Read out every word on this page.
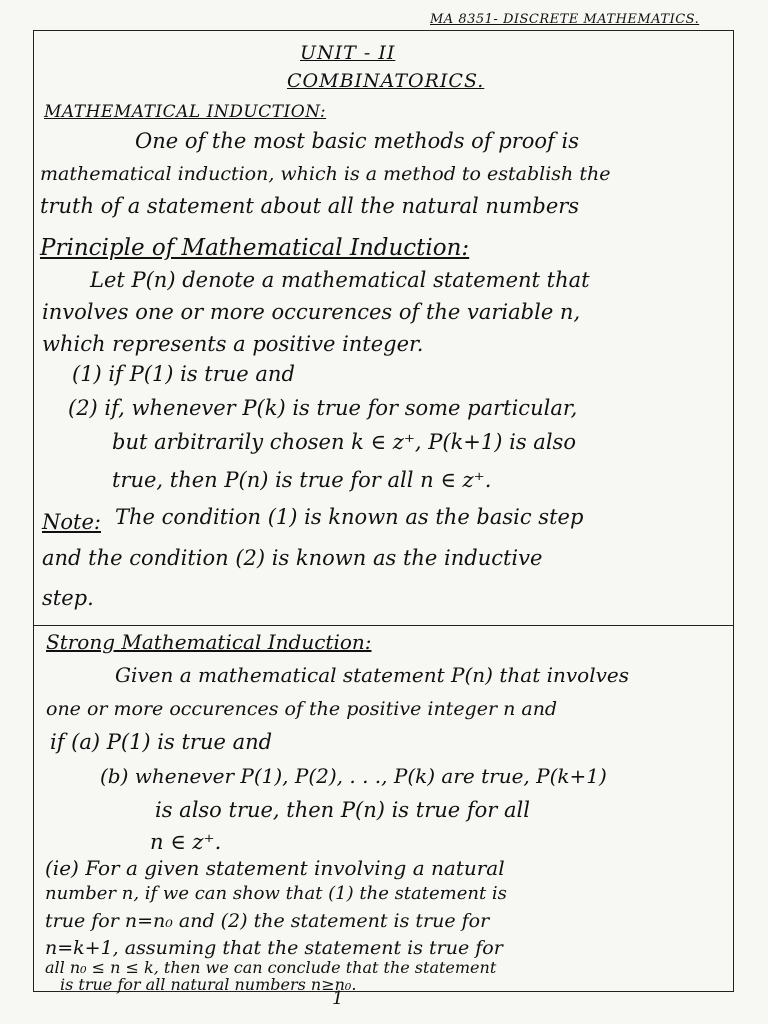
MA 8351- DISCRETE MATHEMATICS.
UNIT - II
COMBINATORICS.
MATHEMATICAL INDUCTION:
One of the most basic methods of proof is
mathematical induction, which is a method to establish the
truth of a statement about all the natural numbers
Principle of Mathematical Induction:
Let P(n) denote a mathematical statement that
involves one or more occurences of the variable n,
which represents a positive integer.
(1) if P(1) is true and
(2) if, whenever P(k) is true for some particular,
but arbitrarily chosen k ∈ z⁺, P(k+1) is also
true, then P(n) is true for all n ∈ z⁺.
Note: The condition (1) is known as the basic step
and the condition (2) is known as the inductive
step.
Strong Mathematical Induction:
Given a mathematical statement P(n) that involves
one or more occurences of the positive integer n and
if (a) P(1) is true and
(b) whenever P(1), P(2), . . ., P(k) are true, P(k+1)
is also true, then P(n) is true for all
n ∈ z⁺.
(ie) For a given statement involving a natural
number n, if we can show that (1) the statement is
true for n=n₀ and (2) the statement is true for
n=k+1, assuming that the statement is true for
all n₀ ≤ n ≤ k, then we can conclude that the statement
is true for all natural numbers n≥n₀.
1
